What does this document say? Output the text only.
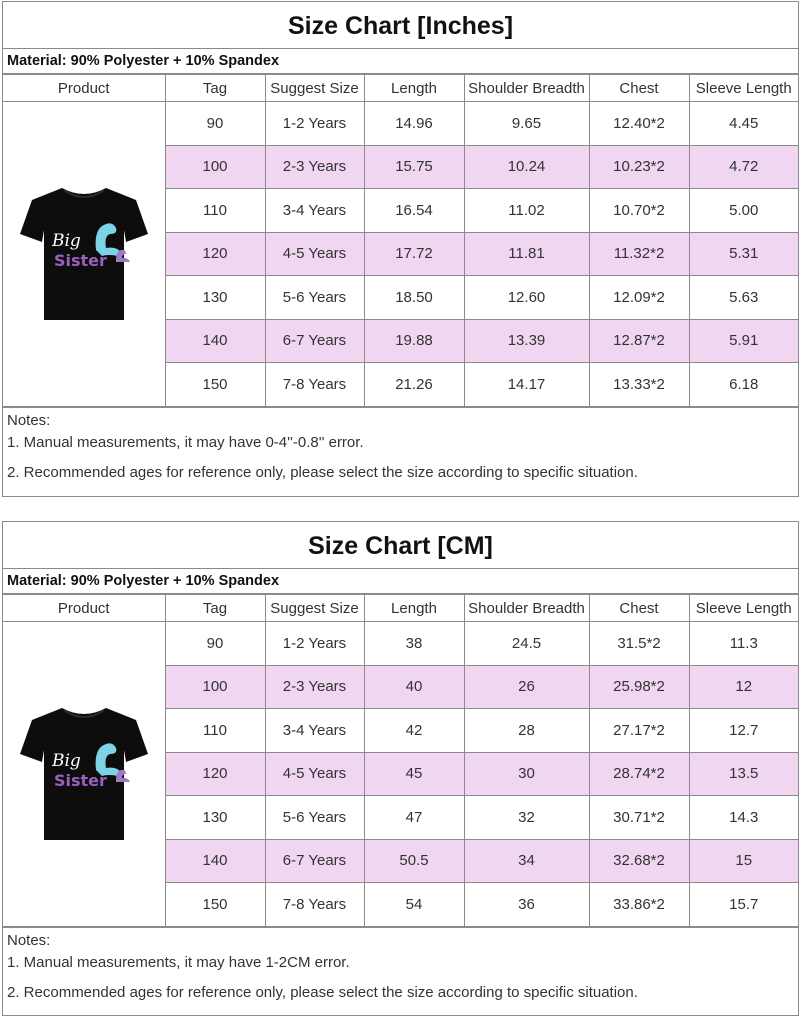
Size Chart [Inches]
Material: 90% Polyester + 10% Spandex
Product	Tag	Suggest Size	Length	Shoulder Breadth	Chest	Sleeve Length

Big
Sister	90	1-2 Years	14.96	9.65	12.40*2	4.45
	100	2-3 Years	15.75	10.24	10.23*2	4.72
	110	3-4 Years	16.54	11.02	10.70*2	5.00
	120	4-5 Years	17.72	11.81	11.32*2	5.31
	130	5-6 Years	18.50	12.60	12.09*2	5.63
	140	6-7 Years	19.88	13.39	12.87*2	5.91
	150	7-8 Years	21.26	14.17	13.33*2	6.18
Notes:
1. Manual measurements, it may have 0-4''-0.8'' error.
2. Recommended ages for reference only, please select the size according to specific situation.
Size Chart [CM]
Material: 90% Polyester + 10% Spandex
Product	Tag	Suggest Size	Length	Shoulder Breadth	Chest	Sleeve Length

Big
Sister	90	1-2 Years	38	24.5	31.5*2	11.3
	100	2-3 Years	40	26	25.98*2	12
	110	3-4 Years	42	28	27.17*2	12.7
	120	4-5 Years	45	30	28.74*2	13.5
	130	5-6 Years	47	32	30.71*2	14.3
	140	6-7 Years	50.5	34	32.68*2	15
	150	7-8 Years	54	36	33.86*2	15.7
Notes:
1. Manual measurements, it may have 1-2CM error.
2. Recommended ages for reference only, please select the size according to specific situation.
